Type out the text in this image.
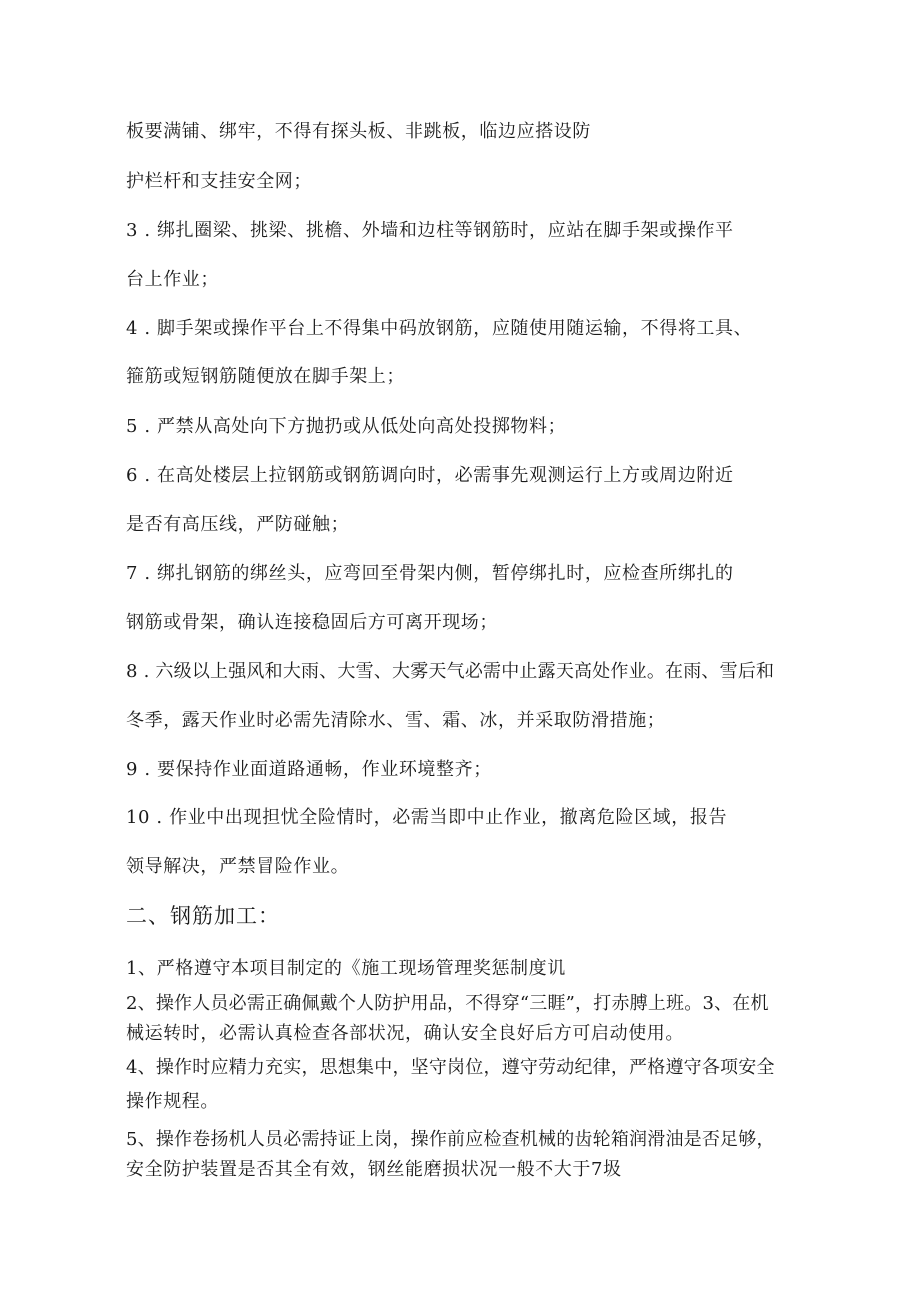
板要满铺、绑牢，不得有探头板、非跳板，临边应搭设防
护栏杆和支挂安全网；
3 . 绑扎圈梁、挑梁、挑檐、外墙和边柱等钢筋时，应站在脚手架或操作平
台上作业；
4 . 脚手架或操作平台上不得集中码放钢筋，应随使用随运输，不得将工具、
箍筋或短钢筋随便放在脚手架上；
5 . 严禁从高处向下方抛扔或从低处向高处投掷物料；
6 . 在高处楼层上拉钢筋或钢筋调向时，必需事先观测运行上方或周边附近
是否有高压线，严防碰触；
7 . 绑扎钢筋的绑丝头，应弯回至骨架内侧，暂停绑扎时，应检查所绑扎的
钢筋或骨架，确认连接稳固后方可离开现场；
8 . 六级以上强风和大雨、大雪、大雾天气必需中止露天高处作业。在雨、雪后和
冬季，露天作业时必需先清除水、雪、霜、冰，并采取防滑措施；
9 . 要保持作业面道路通畅，作业环境整齐；
10 . 作业中出现担忧全险情时，必需当即中止作业，撤离危险区域，报告
领导解决，严禁冒险作业。
二、钢筋加工：
1、严格遵守本项目制定的《施工现场管理奖惩制度讥
2、操作人员必需正确佩戴个人防护用品，不得穿“三睚”，打赤膊上班。3、在机
械运转时，必需认真检查各部状况，确认安全良好后方可启动使用。
4、操作时应精力充实，思想集中，坚守岗位，遵守劳动纪律，严格遵守各项安全
操作规程。
5、操作卷扬机人员必需持证上岗，操作前应检查机械的齿轮箱润滑油是否足够，
安全防护装置是否其全有效，钢丝能磨损状况一般不大于7圾
